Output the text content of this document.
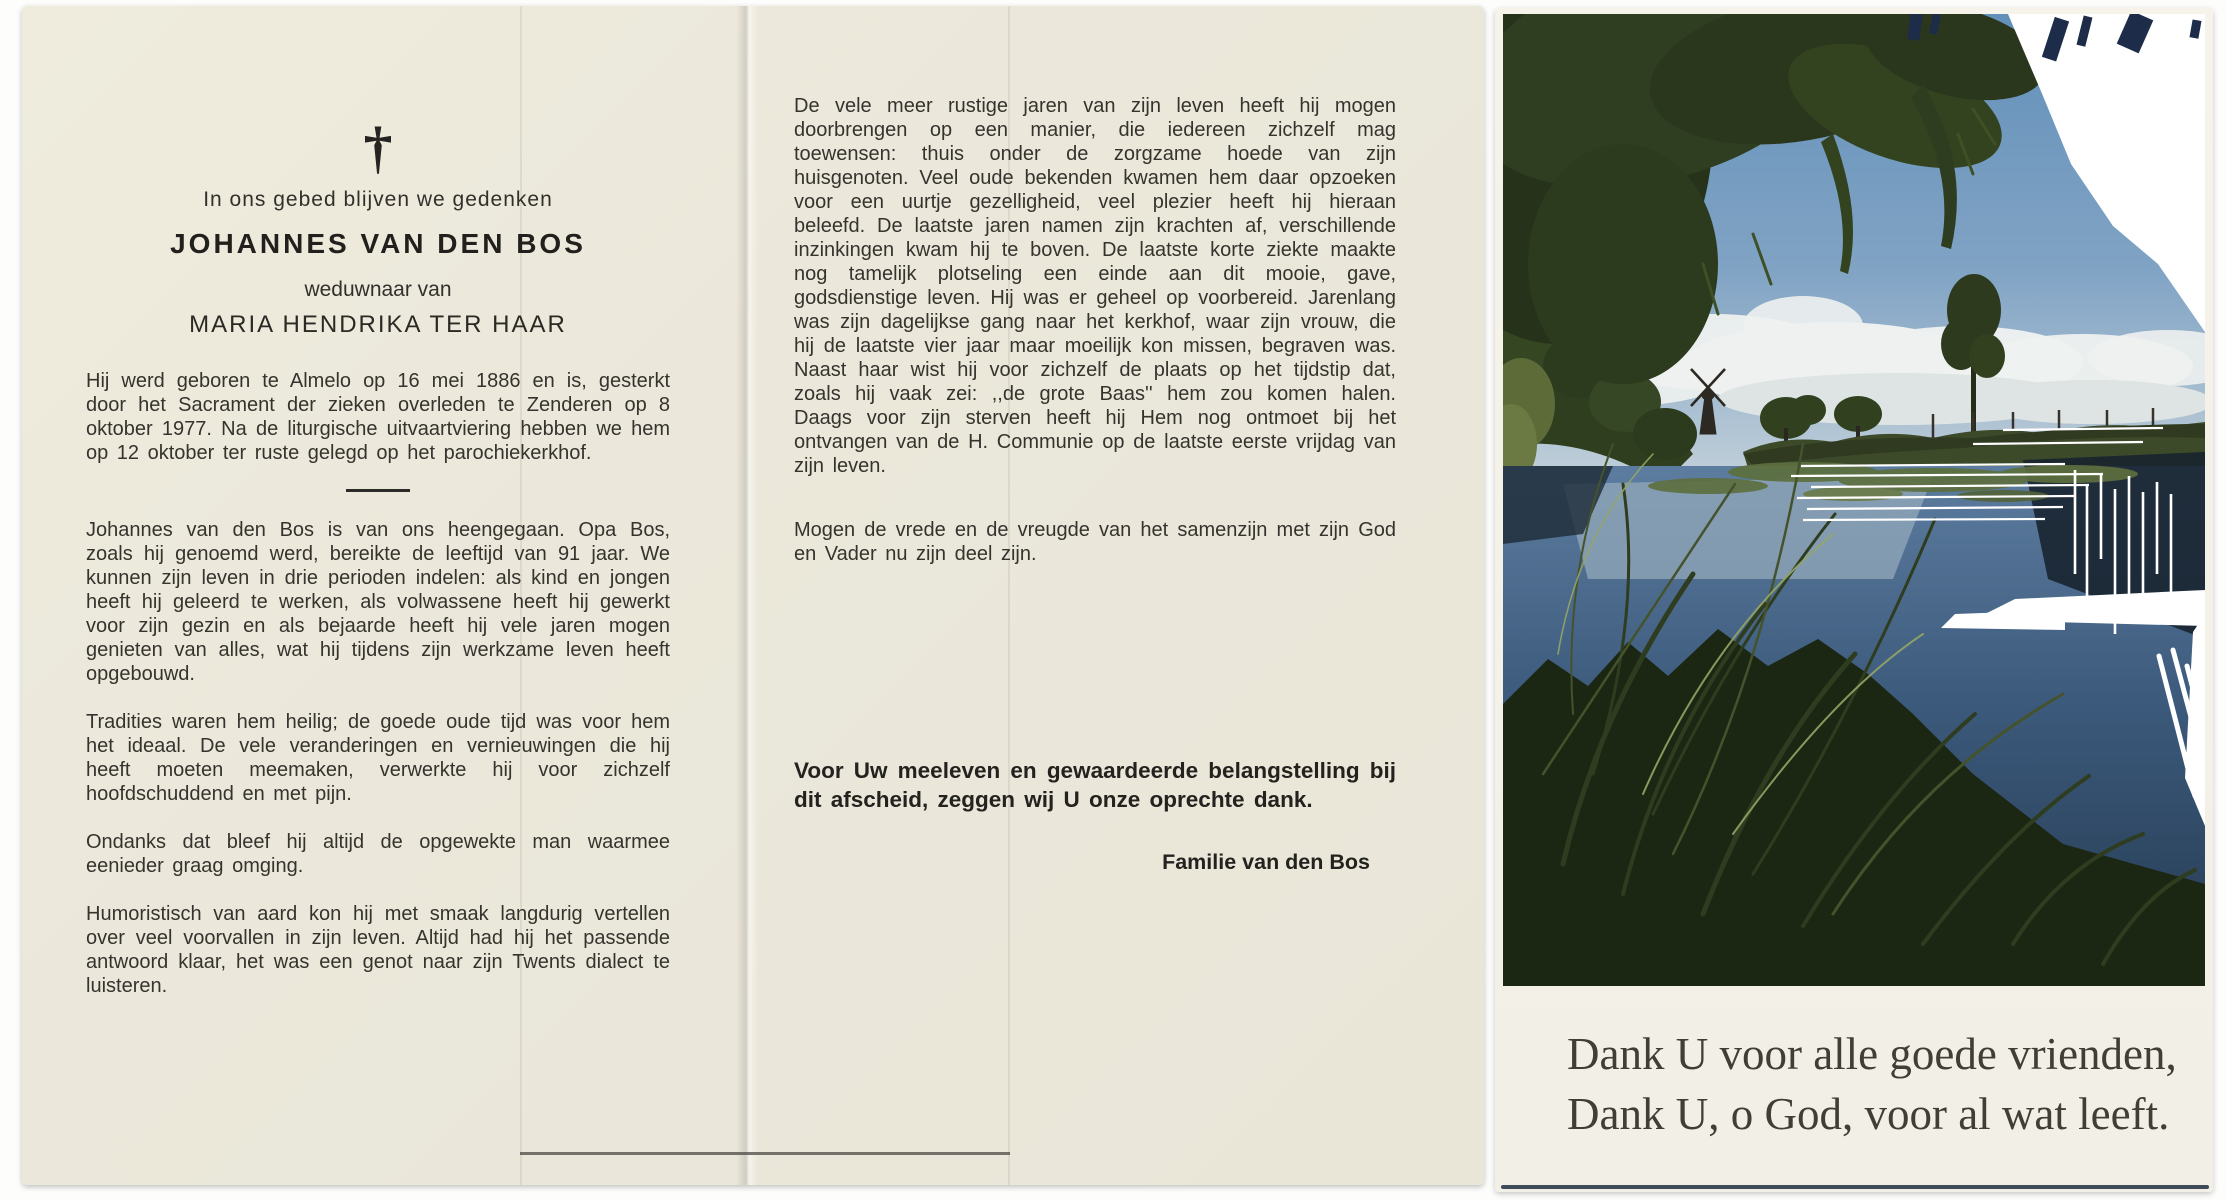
†
In ons gebed blijven we gedenken
JOHANNES VAN DEN BOS
weduwnaar van
MARIA HENDRIKA TER HAAR

Hij werd geboren te Almelo op 16 mei 1886 en is, gesterkt door het Sacrament der zieken overleden te Zenderen op 8 oktober 1977. Na de liturgische uitvaartviering hebben we hem op 12 oktober ter ruste gelegd op het parochiekerkhof.

Johannes van den Bos is van ons heengegaan. Opa Bos, zoals hij genoemd werd, bereikte de leeftijd van 91 jaar. We kunnen zijn leven in drie perioden indelen: als kind en jongen heeft hij geleerd te werken, als volwassene heeft hij gewerkt voor zijn gezin en als bejaarde heeft hij vele jaren mogen genieten van alles, wat hij tijdens zijn werkzame leven heeft opgebouwd.

Tradities waren hem heilig; de goede oude tijd was voor hem het ideaal. De vele veranderingen en vernieuwingen die hij heeft moeten meemaken, verwerkte hij voor zichzelf hoofdschuddend en met pijn.

Ondanks dat bleef hij altijd de opgewekte man waarmee eenieder graag omging.

Humoristisch van aard kon hij met smaak langdurig vertellen over veel voorvallen in zijn leven. Altijd had hij het passende antwoord klaar, het was een genot naar zijn Twents dialect te luisteren.

De vele meer rustige jaren van zijn leven heeft hij mogen doorbrengen op een manier, die iedereen zichzelf mag toewensen: thuis onder de zorgzame hoede van zijn huisgenoten. Veel oude bekenden kwamen hem daar opzoeken voor een uurtje gezelligheid, veel plezier heeft hij hieraan beleefd. De laatste jaren namen zijn krachten af, verschillende inzinkingen kwam hij te boven. De laatste korte ziekte maakte nog tamelijk plotseling een einde aan dit mooie, gave, godsdienstige leven. Hij was er geheel op voorbereid. Jarenlang was zijn dagelijkse gang naar het kerkhof, waar zijn vrouw, die hij de laatste vier jaar maar moeilijk kon missen, begraven was. Naast haar wist hij voor zichzelf de plaats op het tijdstip dat, zoals hij vaak zei: ,,de grote Baas'' hem zou komen halen. Daags voor zijn sterven heeft hij Hem nog ontmoet bij het ontvangen van de H. Communie op de laatste eerste vrijdag van zijn leven.

Mogen de vrede en de vreugde van het samenzijn met zijn God en Vader nu zijn deel zijn.

Voor Uw meeleven en gewaardeerde belangstelling bij dit afscheid, zeggen wij U onze oprechte dank.

Familie van den Bos
Dank U voor alle goede vrienden,
Dank U, o God, voor al wat leeft.
